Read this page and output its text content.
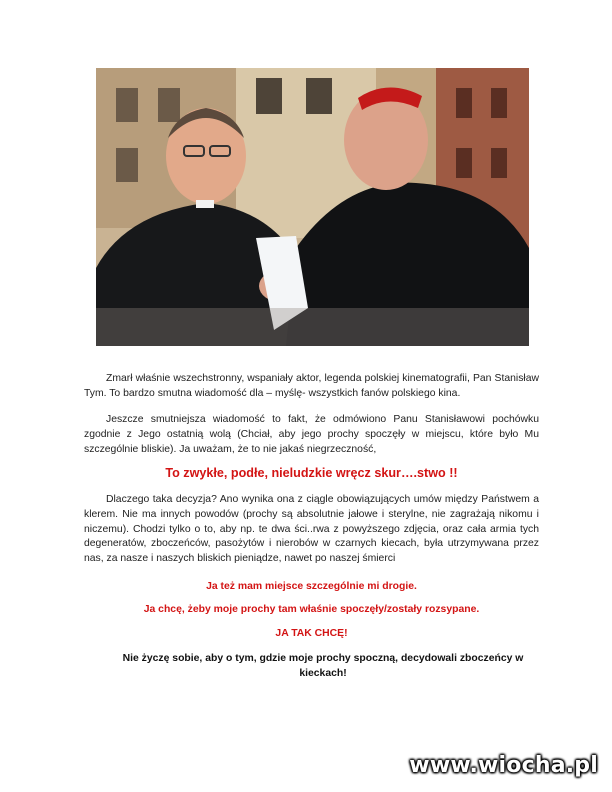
Zmarł właśnie wszechstronny, wspaniały aktor, legenda polskiej kinematografii, Pan Stanisław Tym. To bardzo smutna wiadomość dla – myślę- wszystkich fanów polskiego kina.

Jeszcze smutniejsza wiadomość to fakt, że odmówiono Panu Stanisławowi pochówku zgodnie z Jego ostatnią wolą (Chciał, aby jego prochy spoczęły w miejscu, które było Mu szczególnie bliskie). Ja uważam, że to nie jakaś niegrzeczność,

To zwykłe, podłe, nieludzkie wręcz skur….stwo !!

Dlaczego taka decyzja? Ano wynika ona z ciągle obowiązujących umów między Państwem a klerem. Nie ma innych powodów (prochy są absolutnie jałowe i sterylne, nie zagrażają nikomu i niczemu). Chodzi tylko o to, aby np. te dwa ści..rwa z powyższego zdjęcia, oraz cała armia tych degeneratów, zboczeńców, pasożytów i nierobów w czarnych kiecach, była utrzymywana przez nas, za nasze i naszych bliskich pieniądze, nawet po naszej śmierci

Ja też mam miejsce szczególnie mi drogie.

Ja chcę, żeby moje prochy tam właśnie spoczęły/zostały rozsypane.

JA TAK CHCĘ!

Nie życzę sobie, aby o tym, gdzie moje prochy spoczną, decydowali zboczeńcy w kieckach!

www.wiocha.pl
